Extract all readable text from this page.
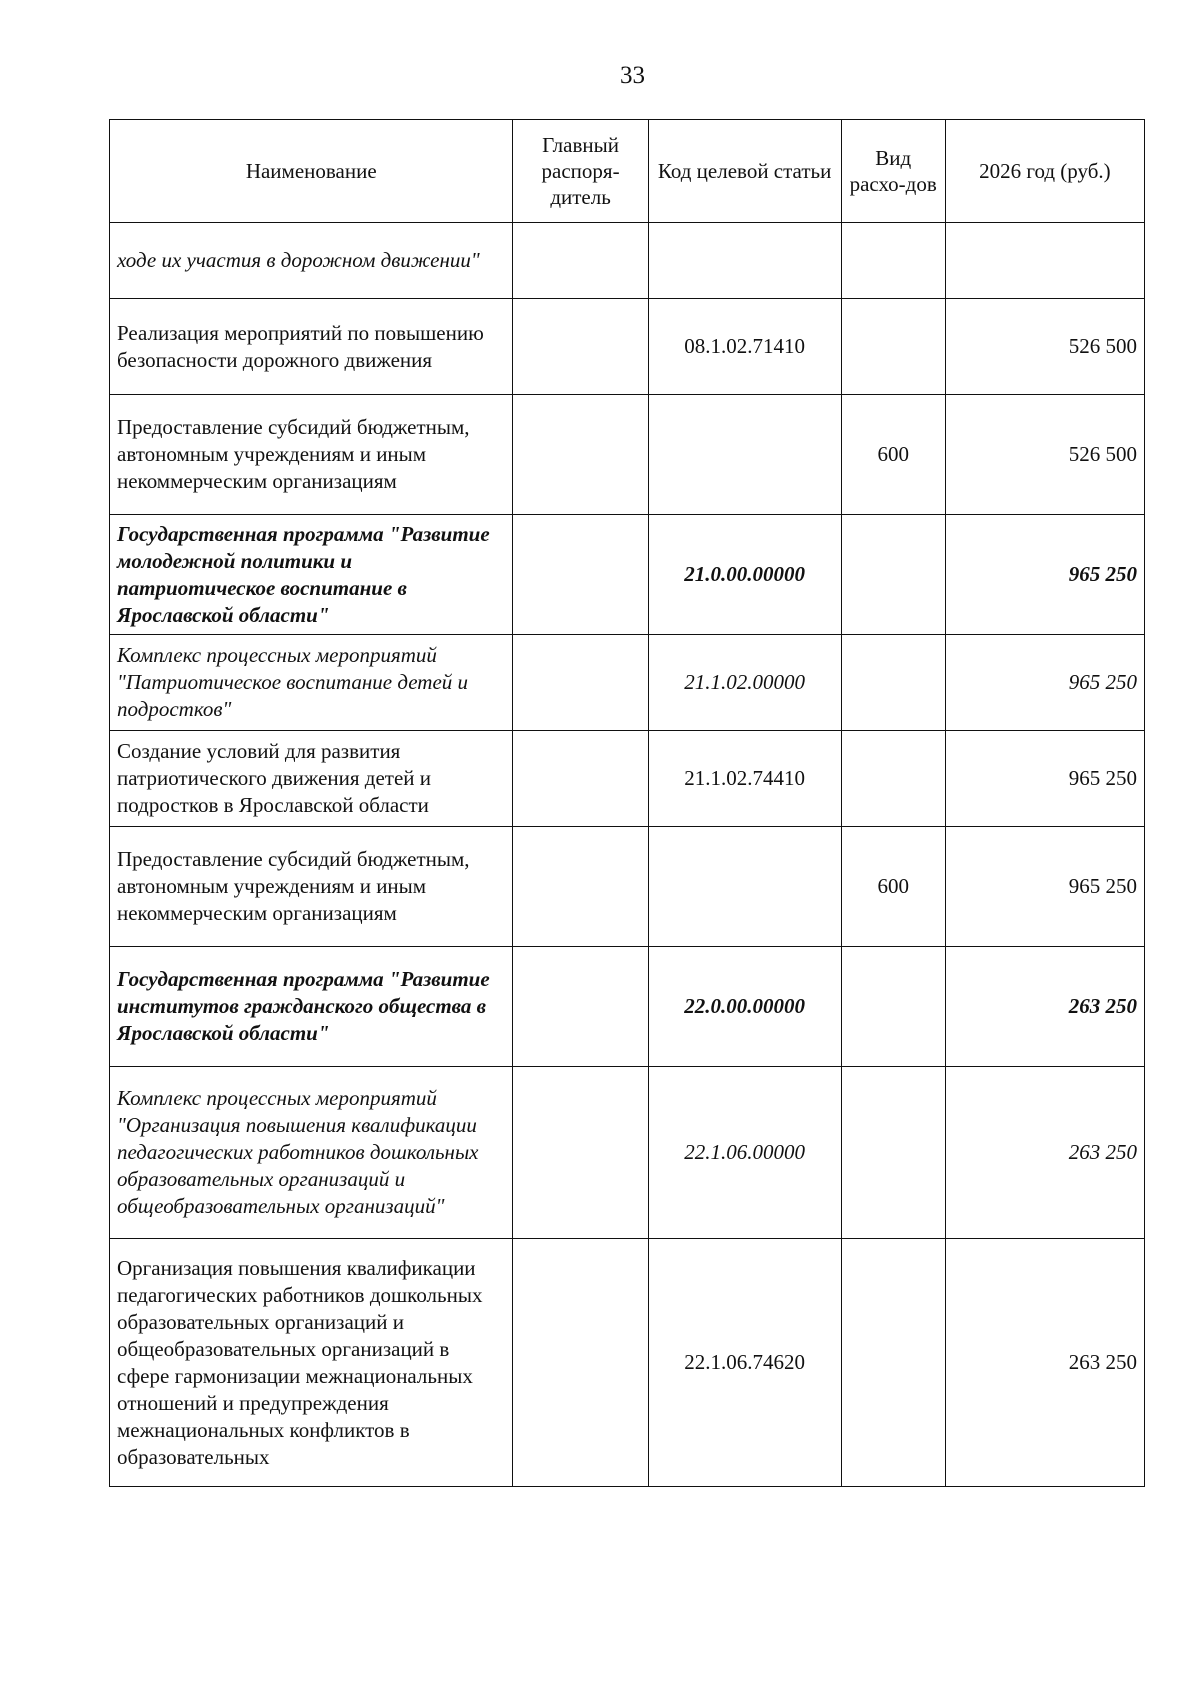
33
Наименование	Главный распоря-дитель	Код целевой статьи	Вид расхо-дов	2026 год (руб.)
ходе их участия в дорожном движении"				
Реализация мероприятий по повышению безопасности дорожного движения		08.1.02.71410		526 500
Предоставление субсидий бюджетным, автономным учреждениям и иным некоммерческим организациям			600	526 500
Государственная программа "Развитие молодежной политики и патриотическое воспитание в Ярославской области"		21.0.00.00000		965 250
Комплекс процессных мероприятий "Патриотическое воспитание детей и подростков"		21.1.02.00000		965 250
Создание условий для развития патриотического движения детей и подростков в Ярославской области		21.1.02.74410		965 250
Предоставление субсидий бюджетным, автономным учреждениям и иным некоммерческим организациям			600	965 250
Государственная программа "Развитие институтов гражданского общества в Ярославской области"		22.0.00.00000		263 250
Комплекс процессных мероприятий "Организация повышения квалификации педагогических работников дошкольных образовательных организаций и общеобразовательных организаций"		22.1.06.00000		263 250
Организация повышения квалификации педагогических работников дошкольных образовательных организаций и общеобразовательных организаций в сфере гармонизации межнациональных отношений и предупреждения межнациональных конфликтов в образовательных		22.1.06.74620		263 250
